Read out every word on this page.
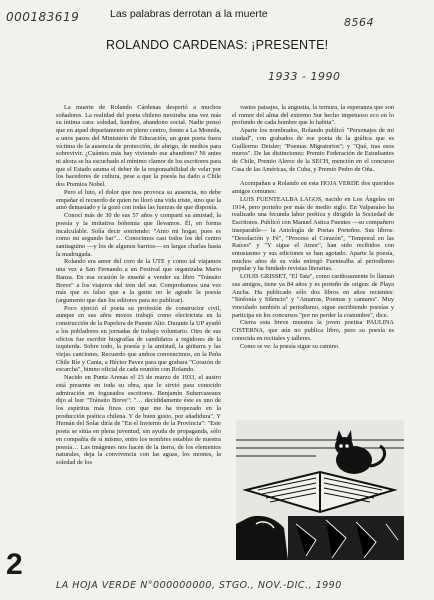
000183619	Las palabras derrotan a la muerte
8564
ROLANDO CARDENAS: ¡PRESENTE!
1933 - 1990

La muerte de Rolando Cárdenas despertó a muchos soñadores. La realidad del poeta chileno mostraba una vez más su íntima cara: soledad, hambre, abandono social. Nadie pensó que en aquel departamento en pleno centro, frente a La Moneda, a unos pasos del Ministerio de Educación, un gran poeta fuera víctima de la ausencia de protección, de abrigo, de medios para sobrevivir. ¿Cuántos más hay viviendo ese abandono? Ni antes ni ahora se ha escuchado el mínimo clamor de los escritores para que el Estado asuma el deber de la responsabilidad de velar por los hacedores de cultura, pese a que la poesía ha dado a Chile dos Premios Nobel.

Pero el luto, el dolor que nos provoca su ausencia, no debe empañar el recuerdo de quien no lloró una vida triste, sino que la amó demasiado y la gozó con todas las fuerzas de que disponía.

Conocí más de 30 de sus 57 años y compartí su amistad, la poesía y la imitativa bohemia que llevamos. Él, en forma incalculable. Solía decir sonriendo: "Amo mi hogar, pues es como mi segundo bar"… Conocimos casi todos los del centro santiaguino —y los de algunos barrios— en largas charlas hasta la madrugada.

Rolando era amor del coro de la UTE y como tal viajamos una vez a San Fernando a un Festival que organizaba Mario Banza. En esa ocasión le enseñé a vender su libro "Tránsito Breve" a los viajeros del tren del sur. Comprobamos una vez más que es falso que a la gente no le agrade la poesía (argumento que dan los editores para no publicar).

Poco ejerció el poeta su profesión de constructor civil, aunque en sus años mozos trabajó como electricista en la construcción de la Papelera de Puente Alto. Durante la UP ayudó a los pobladores en jornadas de trabajo voluntario. Otro de sus oficios fue escribir biografías de candidatos a regidores de la izquierda. Sobre todo, la poesía y la amistad, la guitarra y las viejas canciones. Recuerdo que ambos convencimos, en la Peña Chile Ríe y Canta, a Héctor Pavez para que grabara "Corazón de escarcha", himno oficial de cada reunión con Rolando.

Nacido en Punta Arenas el 23 de marzo de 1933, el austro está presente en toda su obra, que le sirvió para conocido admiración en fogueados escritores. Benjamín Subercaseaux dijo al leer "Tránsito Breve": "… decididamente éste es uno de los espíritus más finos con que me ha tropezado en la producción poética chilena. Y de buen gusto, por añadidura". Y Hernán del Solar diría de "En el Invierno de la Provincia": "Este poeta se sitúa en plena juventud, sin ayuda de propaganda, sólo en compañía de sí mismo, entre los nombres estables de nuestra poesía… Las imágenes nos hacen de la tierra, de los elementos naturales, deja la convivencia con las aguas, los montes, la soledad de los

vastos paisajes, la angustia, la ternura, la esperanza que son el rumor del alma del extremo Sur hecho impetuoso eco en lo profundo de cada hombre que lo habita".

Aparte los nombrados, Rolando publicó "Personajes de mi ciudad", con grabados de ese poeta de la gráfica que es Guillermo Deisler; "Poemas Migratorios"; y "Qué, tras esos muros". De las distinciones: Premio Federación de Estudiantes de Chile, Premio Alerce de la SECH, mención en el concurso Casa de las Américas, de Cuba, y Premio Pedro de Oña.

Acompañan a Rolando en esta HOJA VERDE dos queridos amigos comunes:

LUIS FUENTEALBA LAGOS, nacido en Los Ángeles en 1914, pero porteño por más de medio siglo. En Valparaíso ha realizado una fecunda labor poética y dirigido la Sociedad de Escritores. Publicó con Manuel Astica Fuentes —su compañero inseparable— la Antología de Poetas Porteños. Sus libros: "Desolación y Fé", "Proceso al Corazón", "Temporal en las Raíces" y "Y sigue el Amor", han sido recibidos con entusiasmo y sus ediciones se han agotado. Aparte la poesía, muchos años de su vida entregó Fuentealba al periodismo popular y ha fundado revistas literarias.

LOUIS GRISSET, "El Tata", como cariñosamente lo llaman sus amigos, tiene ya 84 años y es porteño de origen: de Playa Ancha. Ha publicado sólo dos libros en años recientes: "Sinfonía y Silencio" y "Amarras, Poemas y cantares". Muy vinculado también al periodismo, sigue escribiendo poesías y participa en los concursos "por no perder la costumbre", dice.

Cierra esta breve muestra la joven poetisa PAULINA CISTERNA, que aún no publica libro, pero su poesía es conocida en recitales y talleres.

Como se ve: la poesía sigue su camino.

2
LA HOJA VERDE N°000000000, STGO., NOV.-DIC., 1990
